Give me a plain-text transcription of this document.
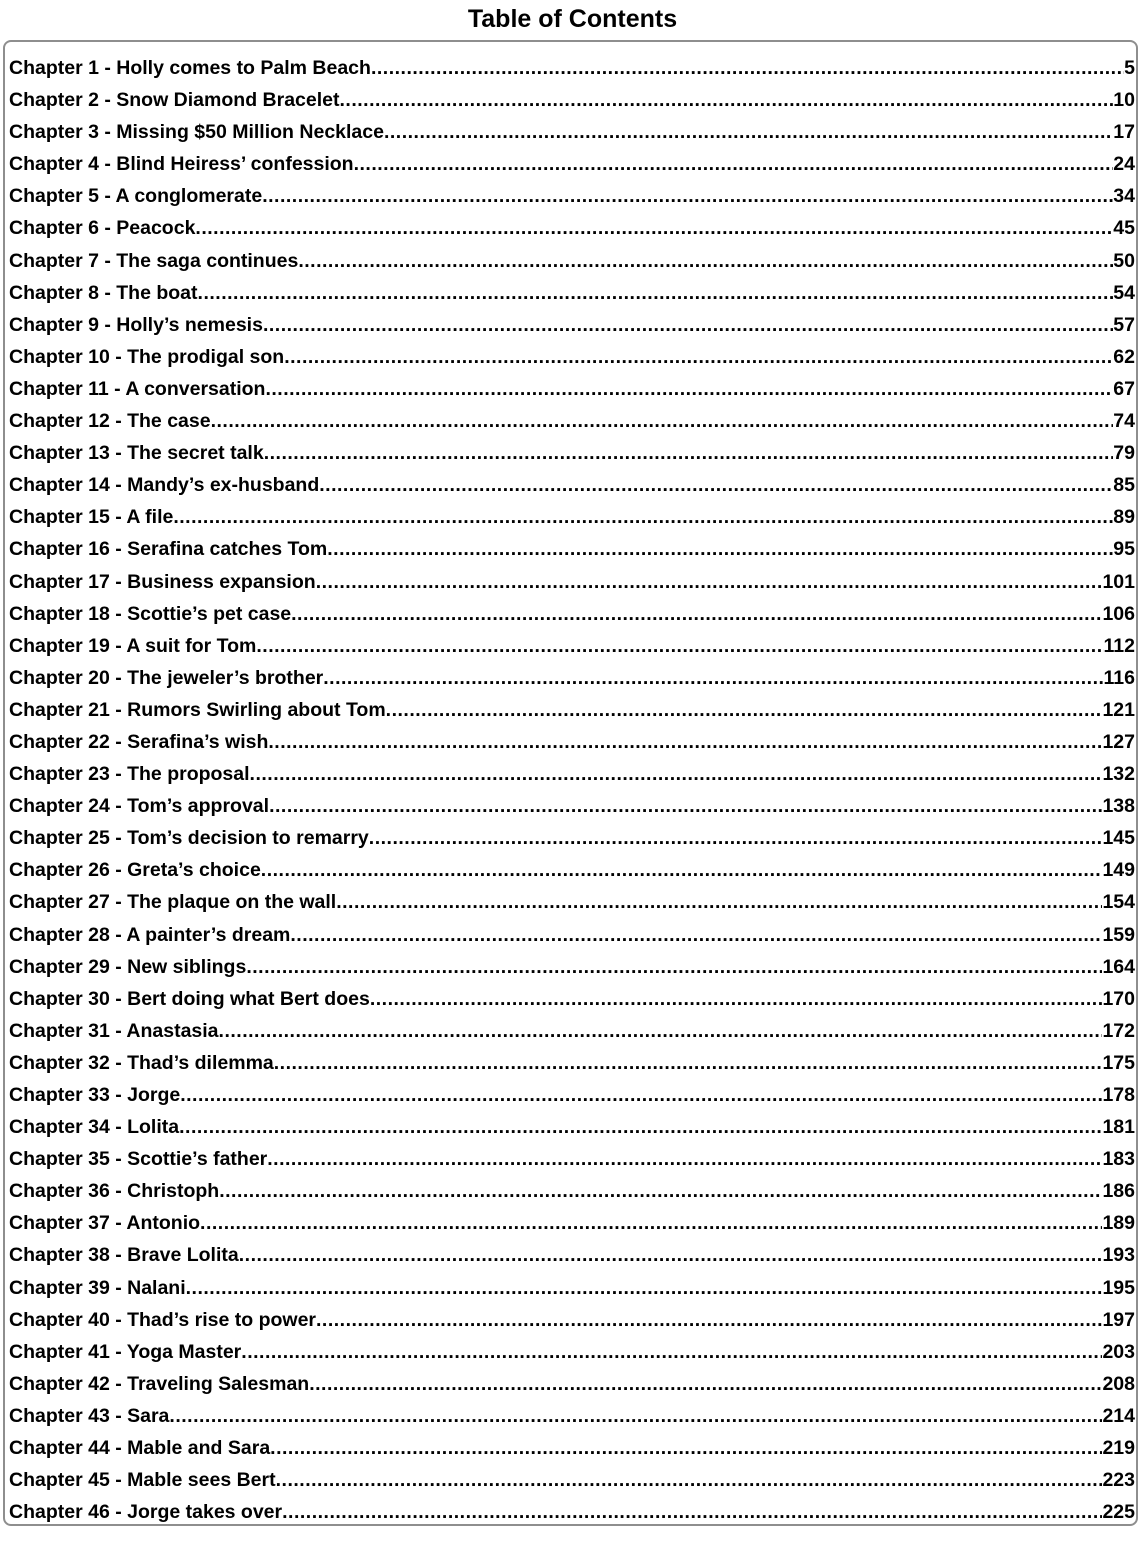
Table of Contents
Chapter 1 - Holly comes to Palm Beach .....	5
Chapter 2 - Snow Diamond Bracelet .....	10
Chapter 3 - Missing $50 Million Necklace .....	17
Chapter 4 - Blind Heiress’ confession .....	24
Chapter 5 - A conglomerate .....	34
Chapter 6 - Peacock .....	45
Chapter 7 - The saga continues .....	50
Chapter 8 - The boat .....	54
Chapter 9 - Holly’s nemesis .....	57
Chapter 10 - The prodigal son .....	62
Chapter 11 - A conversation .....	67
Chapter 12 - The case .....	74
Chapter 13 - The secret talk .....	79
Chapter 14 - Mandy’s ex-husband .....	85
Chapter 15 - A file .....	89
Chapter 16 - Serafina catches Tom .....	95
Chapter 17 - Business expansion .....	101
Chapter 18 - Scottie’s pet case .....	106
Chapter 19 - A suit for Tom .....	112
Chapter 20 - The jeweler’s brother .....	116
Chapter 21 - Rumors Swirling about Tom .....	121
Chapter 22 - Serafina’s wish .....	127
Chapter 23 - The proposal .....	132
Chapter 24 - Tom’s approval .....	138
Chapter 25 - Tom’s decision to remarry .....	145
Chapter 26 - Greta’s choice .....	149
Chapter 27 - The plaque on the wall .....	154
Chapter 28 - A painter’s dream .....	159
Chapter 29 - New siblings .....	164
Chapter 30 - Bert doing what Bert does .....	170
Chapter 31 - Anastasia .....	172
Chapter 32 - Thad’s dilemma .....	175
Chapter 33 - Jorge .....	178
Chapter 34 - Lolita .....	181
Chapter 35 - Scottie’s father .....	183
Chapter 36 - Christoph .....	186
Chapter 37 - Antonio .....	189
Chapter 38 - Brave Lolita .....	193
Chapter 39 - Nalani .....	195
Chapter 40 - Thad’s rise to power .....	197
Chapter 41 - Yoga Master .....	203
Chapter 42 - Traveling Salesman .....	208
Chapter 43 - Sara .....	214
Chapter 44 - Mable and Sara .....	219
Chapter 45 - Mable sees Bert .....	223
Chapter 46 - Jorge takes over .....	225
